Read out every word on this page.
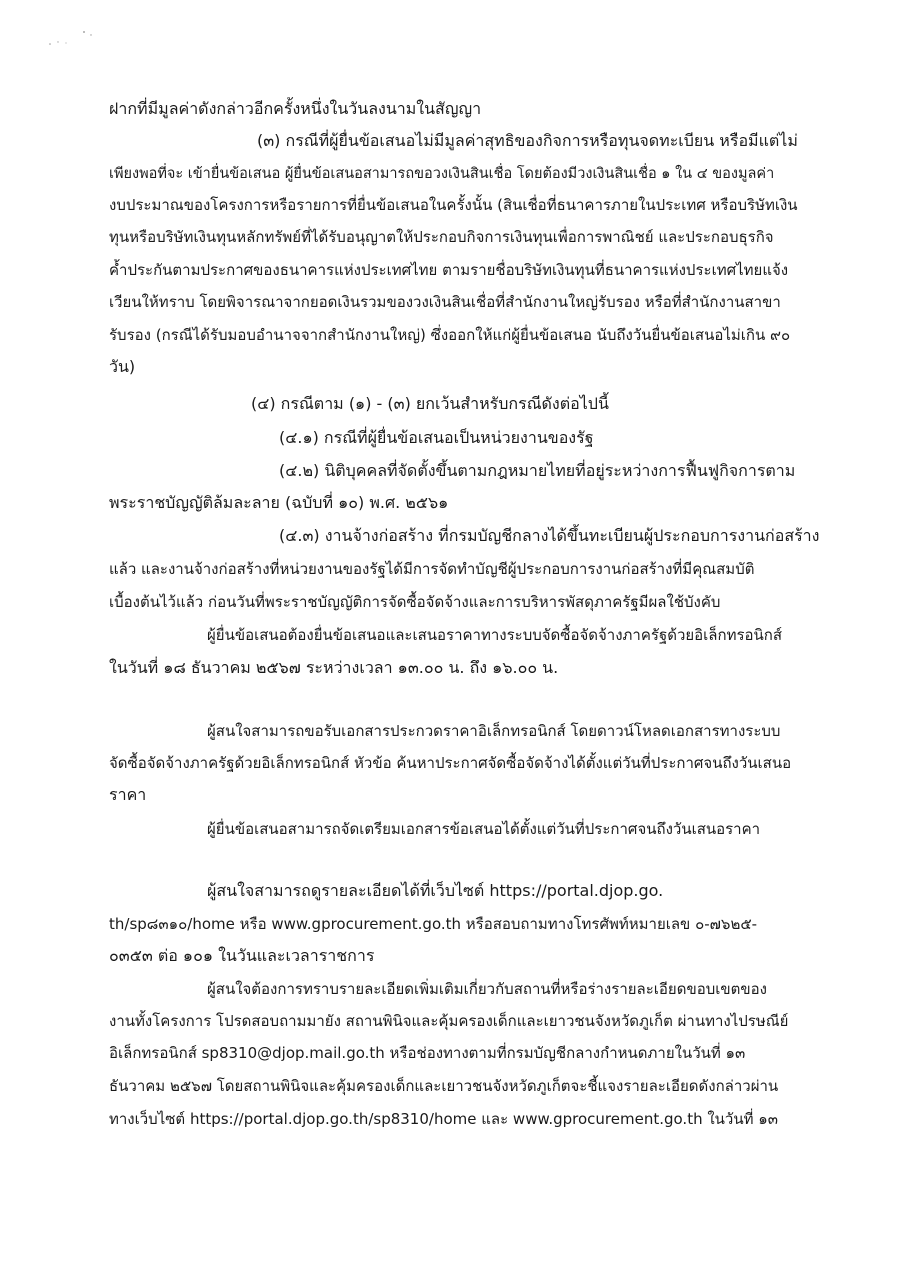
ฝากที่มีมูลค่าดังกล่าวอีกครั้งหนึ่งในวันลงนามในสัญญา
(๓) กรณีที่ผู้ยื่นข้อเสนอไม่มีมูลค่าสุทธิของกิจการหรือทุนจดทะเบียน หรือมีแต่ไม่
เพียงพอที่จะ เข้ายื่นข้อเสนอ ผู้ยื่นข้อเสนอสามารถขอวงเงินสินเชื่อ โดยต้องมีวงเงินสินเชื่อ ๑ ใน ๔ ของมูลค่า
งบประมาณของโครงการหรือรายการที่ยื่นข้อเสนอในครั้งนั้น (สินเชื่อที่ธนาคารภายในประเทศ หรือบริษัทเงิน
ทุนหรือบริษัทเงินทุนหลักทรัพย์ที่ได้รับอนุญาตให้ประกอบกิจการเงินทุนเพื่อการพาณิชย์ และประกอบธุรกิจ
ค้ำประกันตามประกาศของธนาคารแห่งประเทศไทย ตามรายชื่อบริษัทเงินทุนที่ธนาคารแห่งประเทศไทยแจ้ง
เวียนให้ทราบ โดยพิจารณาจากยอดเงินรวมของวงเงินสินเชื่อที่สำนักงานใหญ่รับรอง หรือที่สำนักงานสาขา
รับรอง (กรณีได้รับมอบอำนาจจากสำนักงานใหญ่) ซึ่งออกให้แก่ผู้ยื่นข้อเสนอ นับถึงวันยื่นข้อเสนอไม่เกิน ๙๐
วัน)
(๔) กรณีตาม (๑) - (๓) ยกเว้นสำหรับกรณีดังต่อไปนี้
(๔.๑) กรณีที่ผู้ยื่นข้อเสนอเป็นหน่วยงานของรัฐ
(๔.๒) นิติบุคคลที่จัดตั้งขึ้นตามกฎหมายไทยที่อยู่ระหว่างการฟื้นฟูกิจการตาม
พระราชบัญญัติล้มละลาย (ฉบับที่ ๑๐) พ.ศ. ๒๕๖๑
(๔.๓) งานจ้างก่อสร้าง ที่กรมบัญชีกลางได้ขึ้นทะเบียนผู้ประกอบการงานก่อสร้าง
แล้ว และงานจ้างก่อสร้างที่หน่วยงานของรัฐได้มีการจัดทำบัญชีผู้ประกอบการงานก่อสร้างที่มีคุณสมบัติ
เบื้องต้นไว้แล้ว ก่อนวันที่พระราชบัญญัติการจัดซื้อจัดจ้างและการบริหารพัสดุภาครัฐมีผลใช้บังคับ
ผู้ยื่นข้อเสนอต้องยื่นข้อเสนอและเสนอราคาทางระบบจัดซื้อจัดจ้างภาครัฐด้วยอิเล็กทรอนิกส์
ในวันที่ ๑๘ ธันวาคม ๒๕๖๗ ระหว่างเวลา ๑๓.๐๐ น. ถึง ๑๖.๐๐ น.
ผู้สนใจสามารถขอรับเอกสารประกวดราคาอิเล็กทรอนิกส์ โดยดาวน์โหลดเอกสารทางระบบ
จัดซื้อจัดจ้างภาครัฐด้วยอิเล็กทรอนิกส์ หัวข้อ ค้นหาประกาศจัดซื้อจัดจ้างได้ตั้งแต่วันที่ประกาศจนถึงวันเสนอ
ราคา
ผู้ยื่นข้อเสนอสามารถจัดเตรียมเอกสารข้อเสนอได้ตั้งแต่วันที่ประกาศจนถึงวันเสนอราคา
ผู้สนใจสามารถดูรายละเอียดได้ที่เว็บไซต์ https://portal.djop.go.
th/sp๘๓๑๐/home หรือ www.gprocurement.go.th หรือสอบถามทางโทรศัพท์หมายเลข ๐-๗๖๒๕-
๐๓๕๓ ต่อ ๑๐๑ ในวันและเวลาราชการ
ผู้สนใจต้องการทราบรายละเอียดเพิ่มเติมเกี่ยวกับสถานที่หรือร่างรายละเอียดขอบเขตของ
งานทั้งโครงการ โปรดสอบถามมายัง สถานพินิจและคุ้มครองเด็กและเยาวชนจังหวัดภูเก็ต ผ่านทางไปรษณีย์
อิเล็กทรอนิกส์ sp8310@djop.mail.go.th หรือช่องทางตามที่กรมบัญชีกลางกำหนดภายในวันที่ ๑๓
ธันวาคม ๒๕๖๗ โดยสถานพินิจและคุ้มครองเด็กและเยาวชนจังหวัดภูเก็ตจะชี้แจงรายละเอียดดังกล่าวผ่าน
ทางเว็บไซต์ https://portal.djop.go.th/sp8310/home และ www.gprocurement.go.th ในวันที่ ๑๓
